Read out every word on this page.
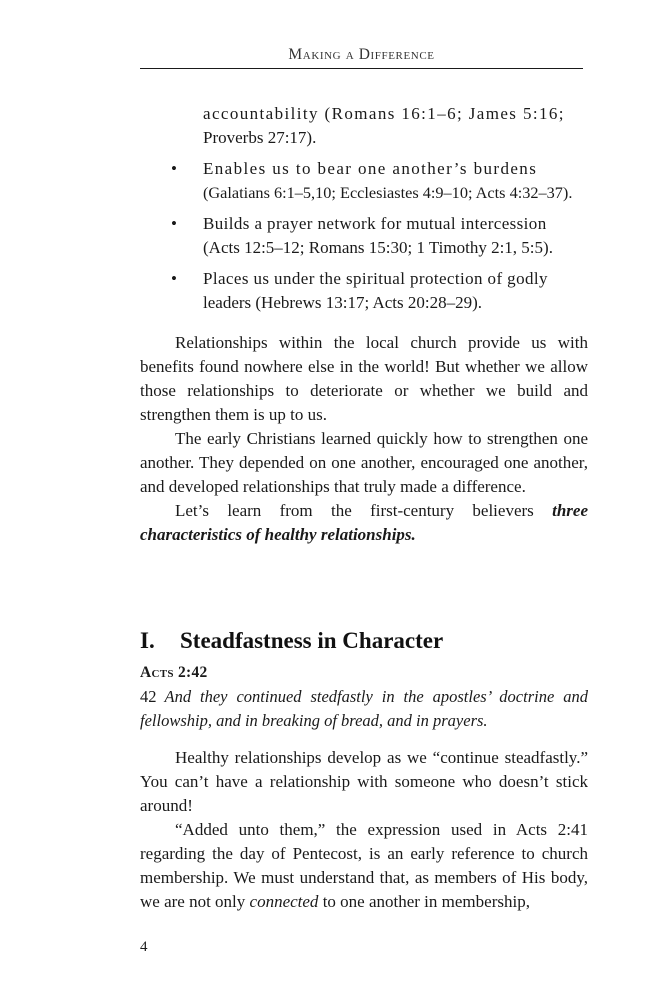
Making a Difference

accountability (Romans 16:1–6; James 5:16;

Proverbs 27:17).

• Enables us to bear one another’s burdens

(Galatians 6:1–5,10; Ecclesiastes 4:9–10; Acts 4:32–37).

• Builds a prayer network for mutual intercession

(Acts 12:5–12; Romans 15:30; 1 Timothy 2:1, 5:5).

• Places us under the spiritual protection of godly

leaders (Hebrews 13:17; Acts 20:28–29).

Relationships within the local church provide us with benefits found nowhere else in the world! But whether we allow those relationships to deteriorate or whether we build and strengthen them is up to us.

The early Christians learned quickly how to strengthen one another. They depended on one another, encouraged one another, and developed relationships that truly made a difference.

Let’s learn from the first-century believers three characteristics of healthy relationships.

I. Steadfastness in Character
Acts 2:42
42 And they continued stedfastly in the apostles’ doctrine and fellowship, and in breaking of bread, and in prayers.

Healthy relationships develop as we “continue steadfastly.” You can’t have a relationship with someone who doesn’t stick around!

“Added unto them,” the expression used in Acts 2:41 regarding the day of Pentecost, is an early reference to church membership. We must understand that, as members of His body, we are not only connected to one another in membership,

4
